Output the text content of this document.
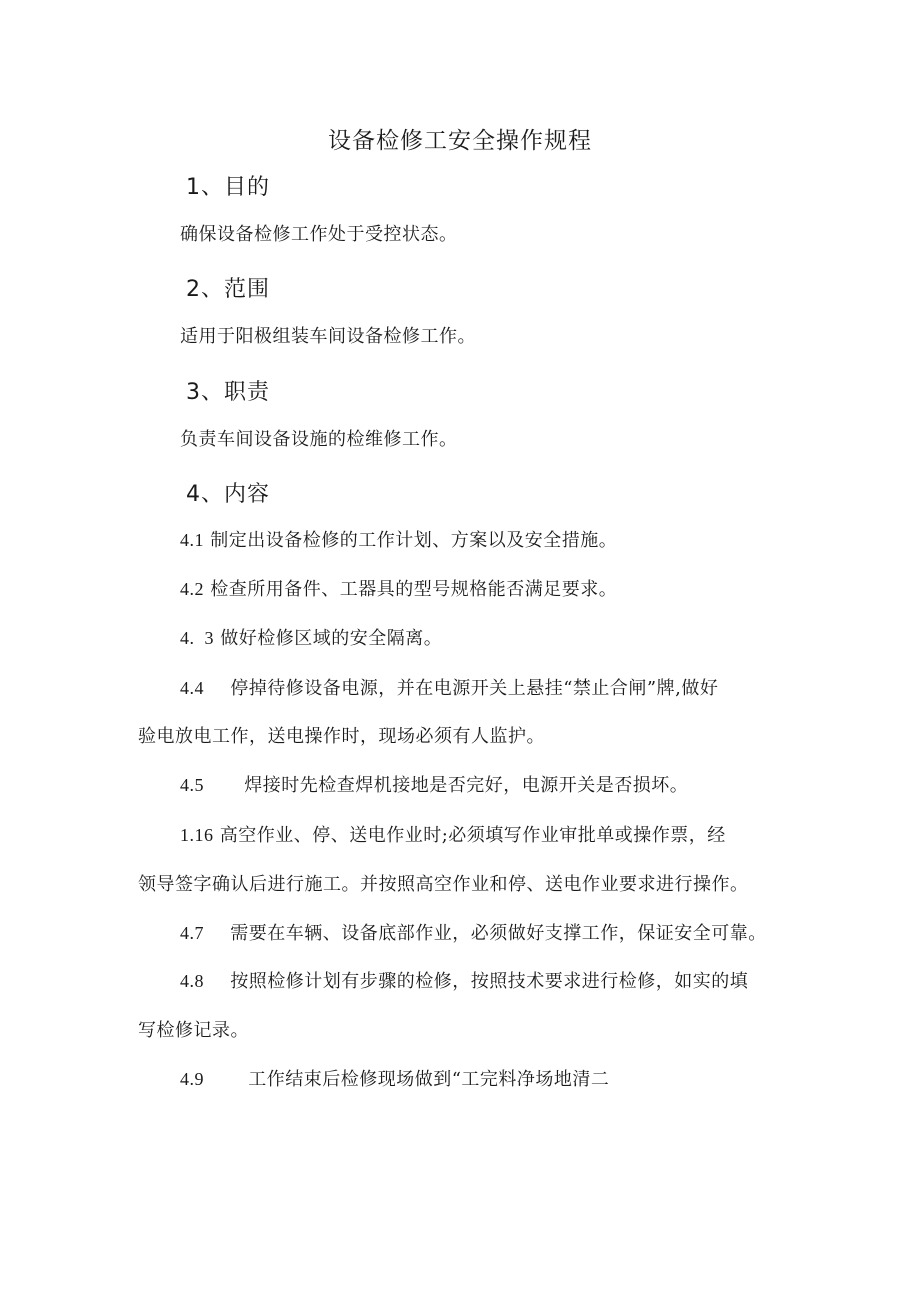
设备检修工安全操作规程
1、目的
确保设备检修工作处于受控状态。
2、范围
适用于阳极组装车间设备检修工作。
3、职责
负责车间设备设施的检维修工作。
4、内容
4.1 制定出设备检修的工作计划、方案以及安全措施。
4.2 检查所用备件、工器具的型号规格能否满足要求。
4.  3 做好检修区域的安全隔离。
4.4 停掉待修设备电源，并在电源开关上悬挂“禁止合闸”牌,做好
验电放电工作，送电操作时，现场必须有人监护。
4.5 焊接时先检查焊机接地是否完好，电源开关是否损坏。
1.16 高空作业、停、送电作业时;必须填写作业审批单或操作票，经
领导签字确认后进行施工。并按照高空作业和停、送电作业要求进行操作。
4.7 需要在车辆、设备底部作业，必须做好支撑工作，保证安全可靠。
4.8 按照检修计划有步骤的检修，按照技术要求进行检修，如实的填
写检修记录。
4.9 工作结束后检修现场做到“工完料净场地清二
